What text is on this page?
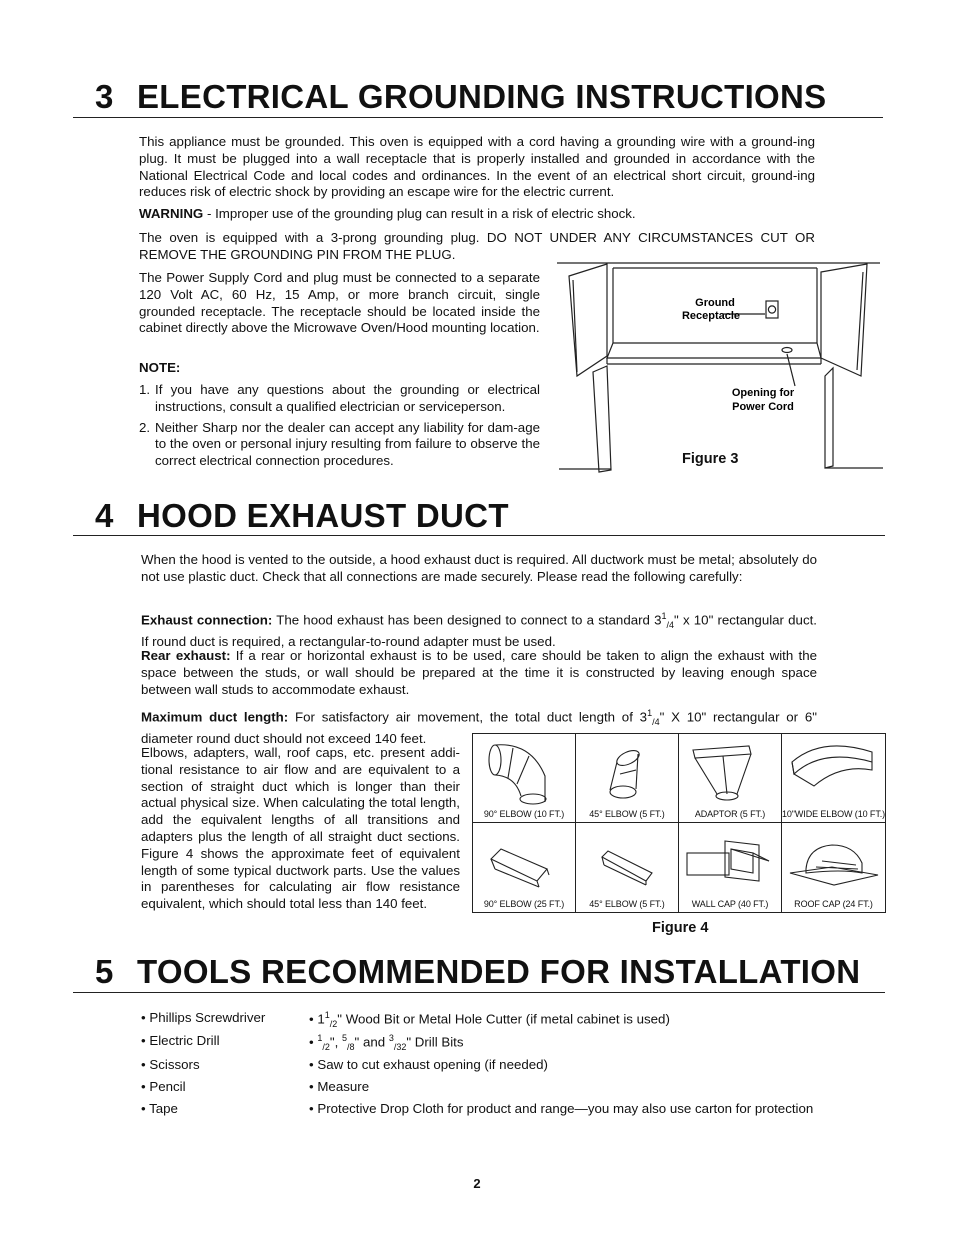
3 ELECTRICAL GROUNDING INSTRUCTIONS

This appliance must be grounded. This oven is equipped with a cord having a grounding wire with a ground-ing plug. It must be plugged into a wall receptacle that is properly installed and grounded in accordance with the National Electrical Code and local codes and ordinances. In the event of an electrical short circuit, ground-ing reduces risk of electric shock by providing an escape wire for the electric current.

WARNING - Improper use of the grounding plug can result in a risk of electric shock.

The oven is equipped with a 3-prong grounding plug. DO NOT UNDER ANY CIRCUMSTANCES CUT OR REMOVE THE GROUNDING PIN FROM THE PLUG.

The Power Supply Cord and plug must be connected to a separate 120 Volt AC, 60 Hz, 15 Amp, or more branch circuit, single grounded receptacle. The receptacle should be located inside the cabinet directly above the Microwave Oven/Hood mounting location.

NOTE:

1. If you have any questions about the grounding or electrical instructions, consult a qualified electrician or serviceperson.
2. Neither Sharp nor the dealer can accept any liability for dam-age to the oven or personal injury resulting from failure to observe the correct electrical connection procedures.
Ground
Receptacle
Opening for
Power Cord
Figure 3
4 HOOD EXHAUST DUCT

When the hood is vented to the outside, a hood exhaust duct is required. All ductwork must be metal; absolutely do not use plastic duct. Check that all connections are made securely. Please read the following carefully:

Exhaust connection: The hood exhaust has been designed to connect to a standard $3^1_{/4}$" x 10" rectangular duct. If round duct is required, a rectangular-to-round adapter must be used.

Rear exhaust: If a rear or horizontal exhaust is to be used, care should be taken to align the exhaust with the space between the studs, or wall should be prepared at the time it is constructed by leaving enough space between wall studs to accommodate exhaust.

Maximum duct length: For satisfactory air movement, the total duct length of $3^1_{/4}$" X 10" rectangular or 6" diameter round duct should not exceed 140 feet.

Elbows, adapters, wall, roof caps, etc. present addi-tional resistance to air flow and are equivalent to a section of straight duct which is longer than their actual physical size. When calculating the total length, add the equivalent lengths of all transitions and adapters plus the length of all straight duct sections. Figure 4 shows the approximate feet of equivalent length of some typical ductwork parts. Use the values in parentheses for calculating air flow resistance equivalent, which should total less than 140 feet.

90° ELBOW (10 FT.)	45° ELBOW (5 FT.)	ADAPTOR (5 FT.)	10"WIDE ELBOW (10 FT.)
90° ELBOW (25 FT.)	45° ELBOW (5 FT.)	WALL CAP (40 FT.)	ROOF CAP (24 FT.)
Figure 4
5 TOOLS RECOMMENDED FOR INSTALLATION
• Phillips Screwdriver	• $1^1_{/2}$" Wood Bit or Metal Hole Cutter (if metal cabinet is used)
• Electric Drill	• $^1_{/2}$", $^5_{/8}$" and $^3_{/32}$" Drill Bits
• Scissors	• Saw to cut exhaust opening (if needed)
• Pencil	• Measure
• Tape	• Protective Drop Cloth for product and range—you may also use carton for protection
2
